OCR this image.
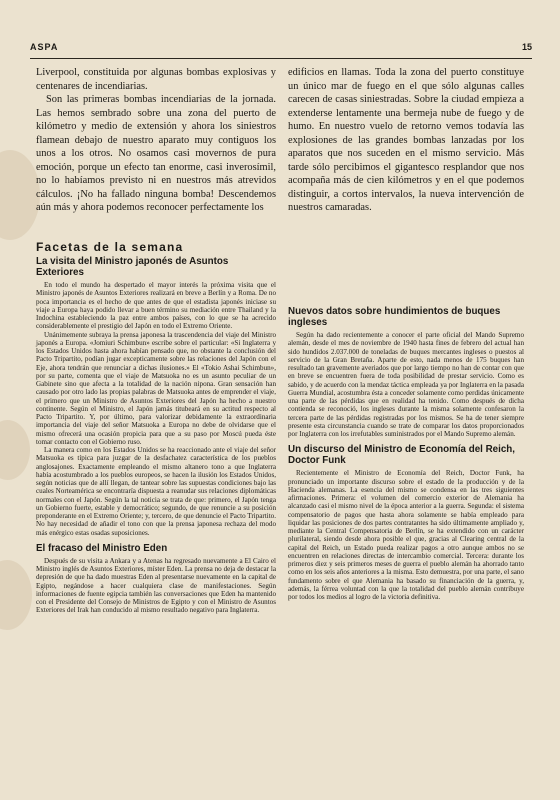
ASPA	15

Liverpool, constituida por algunas bombas explosivas y centenares de incendiarias.

Son las primeras bombas incendiarias de la jornada. Las hemos sembrado sobre una zona del puerto de kilómetro y medio de extensión y ahora los siniestros flamean debajo de nuestro aparato muy contiguos los unos a los otros. No osamos casi movernos de pura emoción, porque un efecto tan enorme, casi inverosímil, no lo habíamos previsto ni en nuestros más atrevidos cálculos. ¡No ha fallado ninguna bomba! Descendemos aún más y ahora podemos reconocer perfectamente los

edificios en llamas. Toda la zona del puerto constituye un único mar de fuego en el que sólo algunas calles carecen de casas siniestradas. Sobre la ciudad empieza a extenderse lentamente una bermeja nube de fuego y de humo. En nuestro vuelo de retorno vemos todavía las explosiones de las grandes bombas lanzadas por los aparatos que nos suceden en el mismo servicio. Más tarde sólo percibimos el gigantesco resplandor que nos acompaña más de cien kilómetros y en el que podemos distinguir, a cortos intervalos, la nueva intervención de nuestros camaradas.

Facetas de la semana
La visita del Ministro japonés de Asuntos Exteriores

En todo el mundo ha despertado el mayor interés la próxima visita que el Ministro japonés de Asuntos Exteriores realizará en breve a Berlín y a Roma. De no poca importancia es el hecho de que antes de que el estadista japonés iniciase su viaje a Europa haya podido llevar a buen término su mediación entre Thailand y la Indochina estableciendo la paz entre ambos países, con lo que se ha acrecido considerablemente el prestigio del Japón en todo el Extremo Oriente.

Unánimemente subraya la prensa japonesa la trascendencia del viaje del Ministro japonés a Europa. «Jomiuri Schimbun» escribe sobre el particular: «Si Inglaterra y los Estados Unidos hasta ahora habían pensado que, no obstante la conclusión del Pacto Tripartito, podían jugar excepticamente sobre las relaciones del Japón con el Eje, ahora tendrán que renunciar a dichas ilusiones.» El «Tokio Ashai Schimbun», por su parte, comenta que el viaje de Matsuoka no es un asunto peculiar de un Gabinete sino que afecta a la totalidad de la nación nipona. Gran sensación han causado por otro lado las propias palabras de Matsuoka antes de emprender el viaje, el primero que un Ministro de Asuntos Exteriores del Japón ha hecho a nuestro continente. Según el Ministro, el Japón jamás titubeará en su actitud respecto al Pacto Tripartito. Y, por último, para valorizar debidamente la extraordinaria importancia del viaje del señor Matsuoka a Europa no debe de olvidarse que el mismo ofrecerá una ocasión propicia para que a su paso por Moscú pueda éste tomar contacto con el Gobierno ruso.

La manera como en los Estados Unidos se ha reaccionado ante el viaje del señor Matsuoka es típica para juzgar de la desfachatez característica de los pueblos anglosajones. Exactamente empleando el mismo altanero tono a que Inglaterra había acostumbrado a los pueblos europeos, se hacen la ilusión los Estados Unidos, según noticias que de allí llegan, de tantear sobre las supuestas condiciones bajo las cuales Norteamérica se encontraría dispuesta a reanudar sus relaciones diplomáticas normales con el Japón. Según la tal noticia se trata de que: primero, el Japón tenga un Gobierno fuerte, estable y democrático; segundo, de que renuncie a su posición preponderante en el Extremo Oriente; y, tercero, de que denuncie el Pacto Tripartito. No hay necesidad de añadir el tono con que la prensa japonesa rechaza del modo más enérgico estas osadas suposiciones.

El fracaso del Ministro Eden

Después de su visita a Ankara y a Atenas ha regresado nuevamente a El Cairo el Ministro inglés de Asuntos Exteriores, míster Eden. La prensa no deja de destacar la depresión de que ha dado muestras Eden al presentarse nuevamente en la capital de Egipto, negándose a hacer cualquiera clase de manifestaciones. Según informaciones de fuente egipcia también las conversaciones que Eden ha mantenido con el Presidente del Consejo de Ministros de Egipto y con el Ministro de Asuntos Exteriores del Irak han conducido al mismo resultado negativo para Inglaterra.

Nuevos datos sobre hundimientos de buques ingleses

Según ha dado recientemente a conocer el parte oficial del Mando Supremo alemán, desde el mes de noviembre de 1940 hasta fines de febrero del actual han sido hundidos 2.037.000 de toneladas de buques mercantes ingleses o puestos al servicio de la Gran Bretaña. Aparte de esto, nada menos de 175 buques han resultado tan gravemente averiados que por largo tiempo no han de contar con que en breve se encuentren fuera de toda posibilidad de prestar servicio. Como es sabido, y de acuerdo con la mendaz táctica empleada ya por Inglaterra en la pasada Guerra Mundial, acostumbra ésta a conceder solamente como perdidas únicamente una parte de las pérdidas que en realidad ha tenido. Como después de dicha contienda se reconoció, los ingleses durante la misma solamente confesaron la tercera parte de las pérdidas registradas por los mismos. Se ha de tener siempre presente esta circunstancia cuando se trate de comparar los datos proporcionados por Inglaterra con los irrefutables suministrados por el Mando Supremo alemán.

Un discurso del Ministro de Economía del Reich, Doctor Funk

Recientemente el Ministro de Economía del Reich, Doctor Funk, ha pronunciado un importante discurso sobre el estado de la producción y de la Hacienda alemanas. La esencia del mismo se condensa en las tres siguientes afirmaciones. Primera: el volumen del comercio exterior de Alemania ha alcanzado casi el mismo nivel de la época anterior a la guerra. Segunda: el sistema compensatorio de pagos que hasta ahora solamente se había empleado para liquidar las posiciones de dos partes contratantes ha sido últimamente ampliado y, mediante la Central Compensatoria de Berlín, se ha extendido con un carácter plurilateral, siendo desde ahora posible el que, gracias al Clearing central de la capital del Reich, un Estado pueda realizar pagos a otro aunque ambos no se encuentren en relaciones directas de intercambio comercial. Tercera: durante los primeros diez y seis primeros meses de guerra el pueblo alemán ha ahorrado tanto como en los seis años anteriores a la misma. Esto demuestra, por una parte, el sano fundamento sobre el que Alemania ha basado su financiación de la guerra, y, además, la férrea voluntad con la que la totalidad del pueblo alemán contribuye por todos los medios al logro de la victoria definitiva.
